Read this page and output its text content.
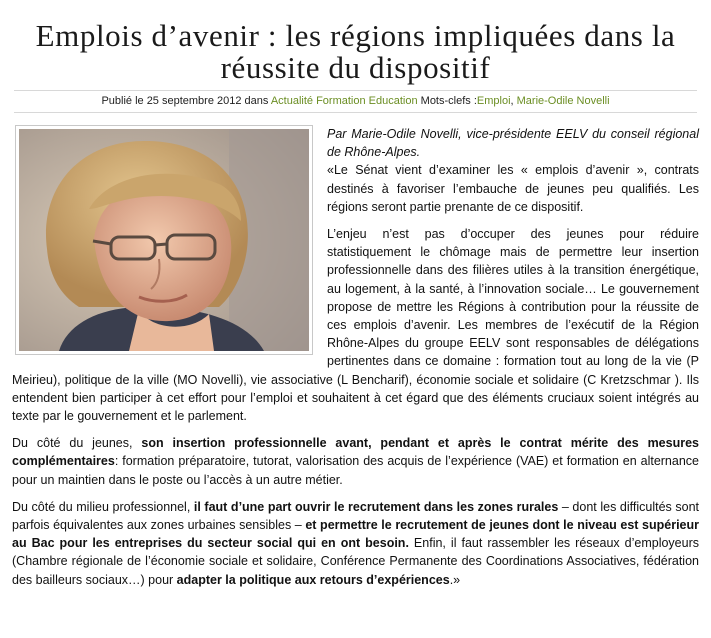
Emplois d’avenir : les régions impliquées dans la réussite du dispositif
Publié le 25 septembre 2012 dans Actualité Formation Education Mots-clefs :Emploi, Marie-Odile Novelli

Par Marie-Odile Novelli, vice-présidente EELV du conseil régional de Rhône-Alpes.

«Le Sénat vient d’examiner les « emplois d’avenir », contrats destinés à favoriser l’embauche de jeunes peu qualifiés. Les régions seront partie prenante de ce dispositif.

L’enjeu n’est pas d’occuper des jeunes pour réduire statistiquement le chômage mais de permettre leur insertion professionnelle dans des filières utiles à la transition énergétique, au logement, à la santé, à l’innovation sociale… Le gouvernement propose de mettre les Régions à contribution pour la réussite de ces emplois d’avenir. Les membres de l’exécutif de la Région Rhône-Alpes du groupe EELV sont responsables de délégations pertinentes dans ce domaine : formation tout au long de la vie (P Meirieu), politique de la ville (MO Novelli), vie associative (L Bencharif), économie sociale et solidaire (C Kretzschmar ). Ils entendent bien participer à cet effort pour l’emploi et souhaitent à cet égard que des éléments cruciaux soient intégrés au texte par le gouvernement et le parlement.

Du côté du jeunes, son insertion professionnelle avant, pendant et après le contrat mérite des mesures complémentaires: formation préparatoire, tutorat, valorisation des acquis de l’expérience (VAE) et formation en alternance pour un maintien dans le poste ou l’accès à un autre métier.

Du côté du milieu professionnel, il faut d’une part ouvrir le recrutement dans les zones rurales – dont les difficultés sont parfois équivalentes aux zones urbaines sensibles – et permettre le recrutement de jeunes dont le niveau est supérieur au Bac pour les entreprises du secteur social qui en ont besoin. Enfin, il faut rassembler les réseaux d’employeurs (Chambre régionale de l’économie sociale et solidaire, Conférence Permanente des Coordinations Associatives, fédération des bailleurs sociaux…) pour adapter la politique aux retours d’expériences.»
